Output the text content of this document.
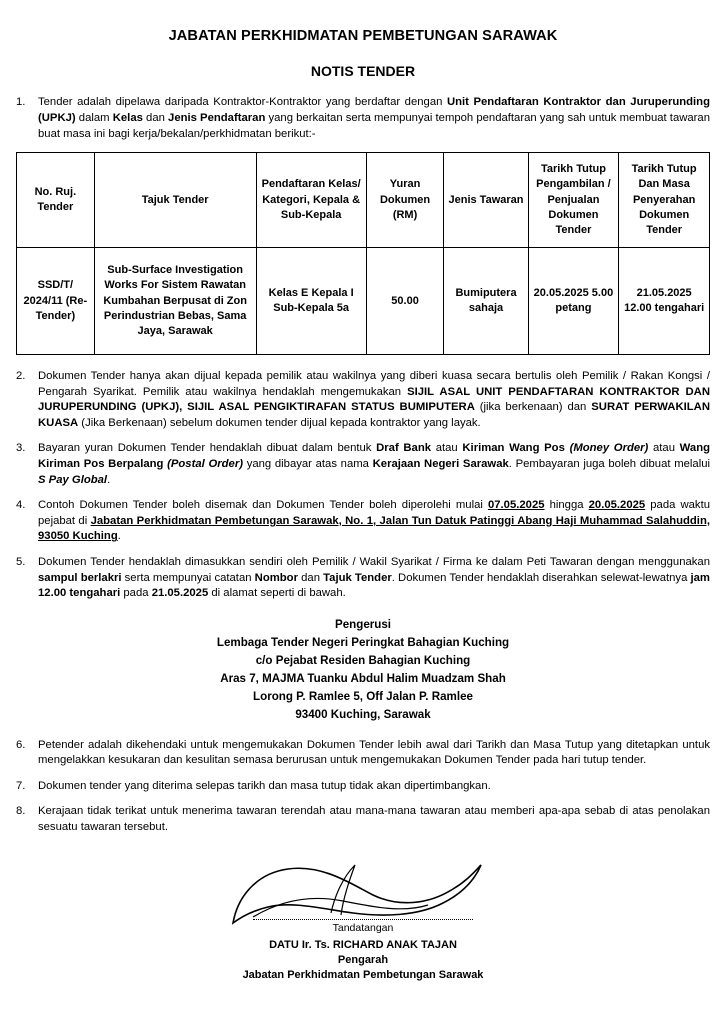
JABATAN PERKHIDMATAN PEMBETUNGAN SARAWAK
NOTIS TENDER
1.	Tender adalah dipelawa daripada Kontraktor-Kontraktor yang berdaftar dengan Unit Pendaftaran Kontraktor dan Juruperunding (UPKJ) dalam Kelas dan Jenis Pendaftaran yang berkaitan serta mempunyai tempoh pendaftaran yang sah untuk membuat tawaran buat masa ini bagi kerja/bekalan/perkhidmatan berikut:-
No. Ruj. Tender	Tajuk Tender	Pendaftaran Kelas/ Kategori, Kepala & Sub-Kepala	Yuran Dokumen (RM)	Jenis Tawaran	Tarikh Tutup Pengambilan / Penjualan Dokumen Tender	Tarikh Tutup Dan Masa Penyerahan Dokumen Tender
SSD/T/ 2024/11 (Re-Tender)	Sub-Surface Investigation Works For Sistem Rawatan Kumbahan Berpusat di Zon Perindustrian Bebas, Sama Jaya, Sarawak	Kelas E Kepala I Sub-Kepala 5a	50.00	Bumiputera sahaja	20.05.2025 5.00 petang	21.05.2025 12.00 tengahari
2.	Dokumen Tender hanya akan dijual kepada pemilik atau wakilnya yang diberi kuasa secara bertulis oleh Pemilik / Rakan Kongsi / Pengarah Syarikat. Pemilik atau wakilnya hendaklah mengemukakan SIJIL ASAL UNIT PENDAFTARAN KONTRAKTOR DAN JURUPERUNDING (UPKJ), SIJIL ASAL PENGIKTIRAFAN STATUS BUMIPUTERA (jika berkenaan) dan SURAT PERWAKILAN KUASA (Jika Berkenaan) sebelum dokumen tender dijual kepada kontraktor yang layak.
3.	Bayaran yuran Dokumen Tender hendaklah dibuat dalam bentuk Draf Bank atau Kiriman Wang Pos (Money Order) atau Wang Kiriman Pos Berpalang (Postal Order) yang dibayar atas nama Kerajaan Negeri Sarawak. Pembayaran juga boleh dibuat melalui S Pay Global.
4.	Contoh Dokumen Tender boleh disemak dan Dokumen Tender boleh diperolehi mulai 07.05.2025 hingga 20.05.2025 pada waktu pejabat di Jabatan Perkhidmatan Pembetungan Sarawak, No. 1, Jalan Tun Datuk Patinggi Abang Haji Muhammad Salahuddin, 93050 Kuching.
5.	Dokumen Tender hendaklah dimasukkan sendiri oleh Pemilik / Wakil Syarikat / Firma ke dalam Peti Tawaran dengan menggunakan sampul berlakri serta mempunyai catatan Nombor dan Tajuk Tender. Dokumen Tender hendaklah diserahkan selewat-lewatnya jam 12.00 tengahari pada 21.05.2025 di alamat seperti di bawah.
Pengerusi
Lembaga Tender Negeri Peringkat Bahagian Kuching
c/o Pejabat Residen Bahagian Kuching
Aras 7, MAJMA Tuanku Abdul Halim Muadzam Shah
Lorong P. Ramlee 5, Off Jalan P. Ramlee
93400 Kuching, Sarawak
6.	Petender adalah dikehendaki untuk mengemukakan Dokumen Tender lebih awal dari Tarikh dan Masa Tutup yang ditetapkan untuk mengelakkan kesukaran dan kesulitan semasa berurusan untuk mengemukakan Dokumen Tender pada hari tutup tender.
7.	Dokumen tender yang diterima selepas tarikh dan masa tutup tidak akan dipertimbangkan.
8.	Kerajaan tidak terikat untuk menerima tawaran terendah atau mana-mana tawaran atau memberi apa-apa sebab di atas penolakan sesuatu tawaran tersebut.
Tandatangan
DATU Ir. Ts. RICHARD ANAK TAJAN
Pengarah
Jabatan Perkhidmatan Pembetungan Sarawak
